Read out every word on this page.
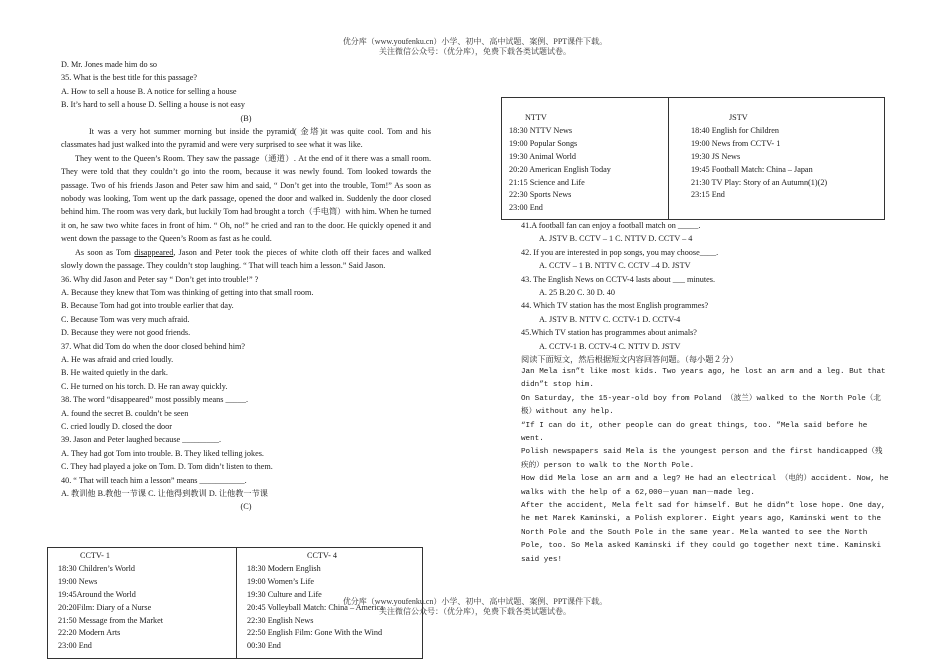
优分库（www.youfenku.cn）小学、初中、高中试题、案例、PPT课件下载。
关注微信公众号：（优分库），免费下载各类试题试卷。

D. Mr. Jones made him do so

35. What is the best title for this passage?

A. How to sell a house B. A notice for selling a house

B. It’s hard to sell a house D. Selling a house is not easy

(B)

It was a very hot summer morning but inside the pyramid( 金塔)it was quite cool. Tom and his classmates had just walked into the pyramid and were very surprised to see what it was like.

They went to the Queen’s Room. They saw the passage（通道）. At the end of it there was a small room. They were told that they couldn’t go into the room, because it was newly found. Tom looked towards the passage. Two of his friends Jason and Peter saw him and said, “ Don’t get into the trouble, Tom!” As soon as nobody was looking, Tom went up the dark passage, opened the door and walked in. Suddenly the door closed behind him. The room was very dark, but luckily Tom had brought a torch（手电筒）with him. When he turned it on, he saw two white faces in front of him. “ Oh, no!” he cried and ran to the door. He quickly opened it and went down the passage to the Queen’s Room as fast as he could.

As soon as Tom disappeared, Jason and Peter took the pieces of white cloth off their faces and walked slowly down the passage. They couldn’t stop laughing. “ That will teach him a lesson.” Said Jason.

36. Why did Jason and Peter say “ Don’t get into trouble!” ?

A. Because they knew that Tom was thinking of getting into that small room.

B. Because Tom had got into trouble earlier that day.

C. Because Tom was very much afraid.

D. Because they were not good friends.

37. What did Tom do when the door closed behind him?

A. He was afraid and cried loudly.

B. He waited quietly in the dark.

C. He turned on his torch. D. He ran away quickly.

38. The word “disappeared” most possibly means _____.

A. found the secret B. couldn’t be seen

C. cried loudly D. closed the door

39. Jason and Peter laughed because _________.

A. They had got Tom into trouble. B. They liked telling jokes.

C. They had played a joke on Tom. D. Tom didn’t listen to them.

40. “ That will teach him a lesson” means ___________.

A. 教训他 B.教他一节课 C. 让他得到教训 D. 让他教一节课

(C)

CCTV- 1
18:30 Children’s World
19:00 News
19:45Around the World
20:20Film: Diary of a Nurse
21:50 Message from the Market
22:20 Modern Arts
23:00 End
CCTV- 4
18:30 Modern English
19:00 Women’s Life
19:30 Culture and Life
20:45 Volleyball Match: China – America
22:30 English News
22:50 English Film: Gone With the Wind
00:30 End
NTTV
18:30 NTTV News
19:00 Popular Songs
19:30 Animal World
20:20 American English Today
21:15 Science and Life
22:30 Sports News
23:00 End
JSTV
18:40 English for Children
19:00 News from CCTV- 1
19:30 JS News
19:45 Football Match: China – Japan
21:30 TV Play: Story of an Autumn(1)(2)
23:15 End

41.A football fan can enjoy a football match on _____.

A. JSTV B. CCTV – 1 C. NTTV D. CCTV – 4

42. If you are interested in pop songs, you may choose____.

A. CCTV – 1 B. NTTV C. CCTV –4 D. JSTV

43. The English News on CCTV-4 lasts about ___ minutes.

A. 25 B.20 C. 30 D. 40

44. Which TV station has the most English programmes?

A. JSTV B. NTTV C. CCTV-1 D. CCTV-4

45.Which TV station has programmes about animals?

A. CCTV-1 B. CCTV-4 C. NTTV D. JSTV

阅读下面短文，然后根据短文内容回答问题。（每小题２分）

Jan Mela isn”t like most kids. Two years ago, he lost an arm and a leg. But that didn”t stop him.

On Saturday, the 15-year-old boy from Poland （波兰）walked to the North Pole（北极）without any help.

“If I can do it, other people can do great things, too. ”Mela said before he went.

Polish newspapers said Mela is the youngest person and the first handicapped（残疾的）person to walk to the North Pole.

How did Mela lose an arm and a leg? He had an electrical （电的）accident. Now, he walks with the help of a 62,000－yuan man－made leg.

After the accident, Mela felt sad for himself. But he didn”t lose hope. One day, he met Marek Kaminski, a Polish explorer. Eight years ago, Kaminski went to the North Pole and the South Pole in the same year. Mela wanted to see the North Pole, too. So Mela asked Kaminski if they could go together next time. Kaminski said yes!

优分库（www.youfenku.cn）小学、初中、高中试题、案例、PPT课件下载。
关注微信公众号：（优分库），免费下载各类试题试卷。
